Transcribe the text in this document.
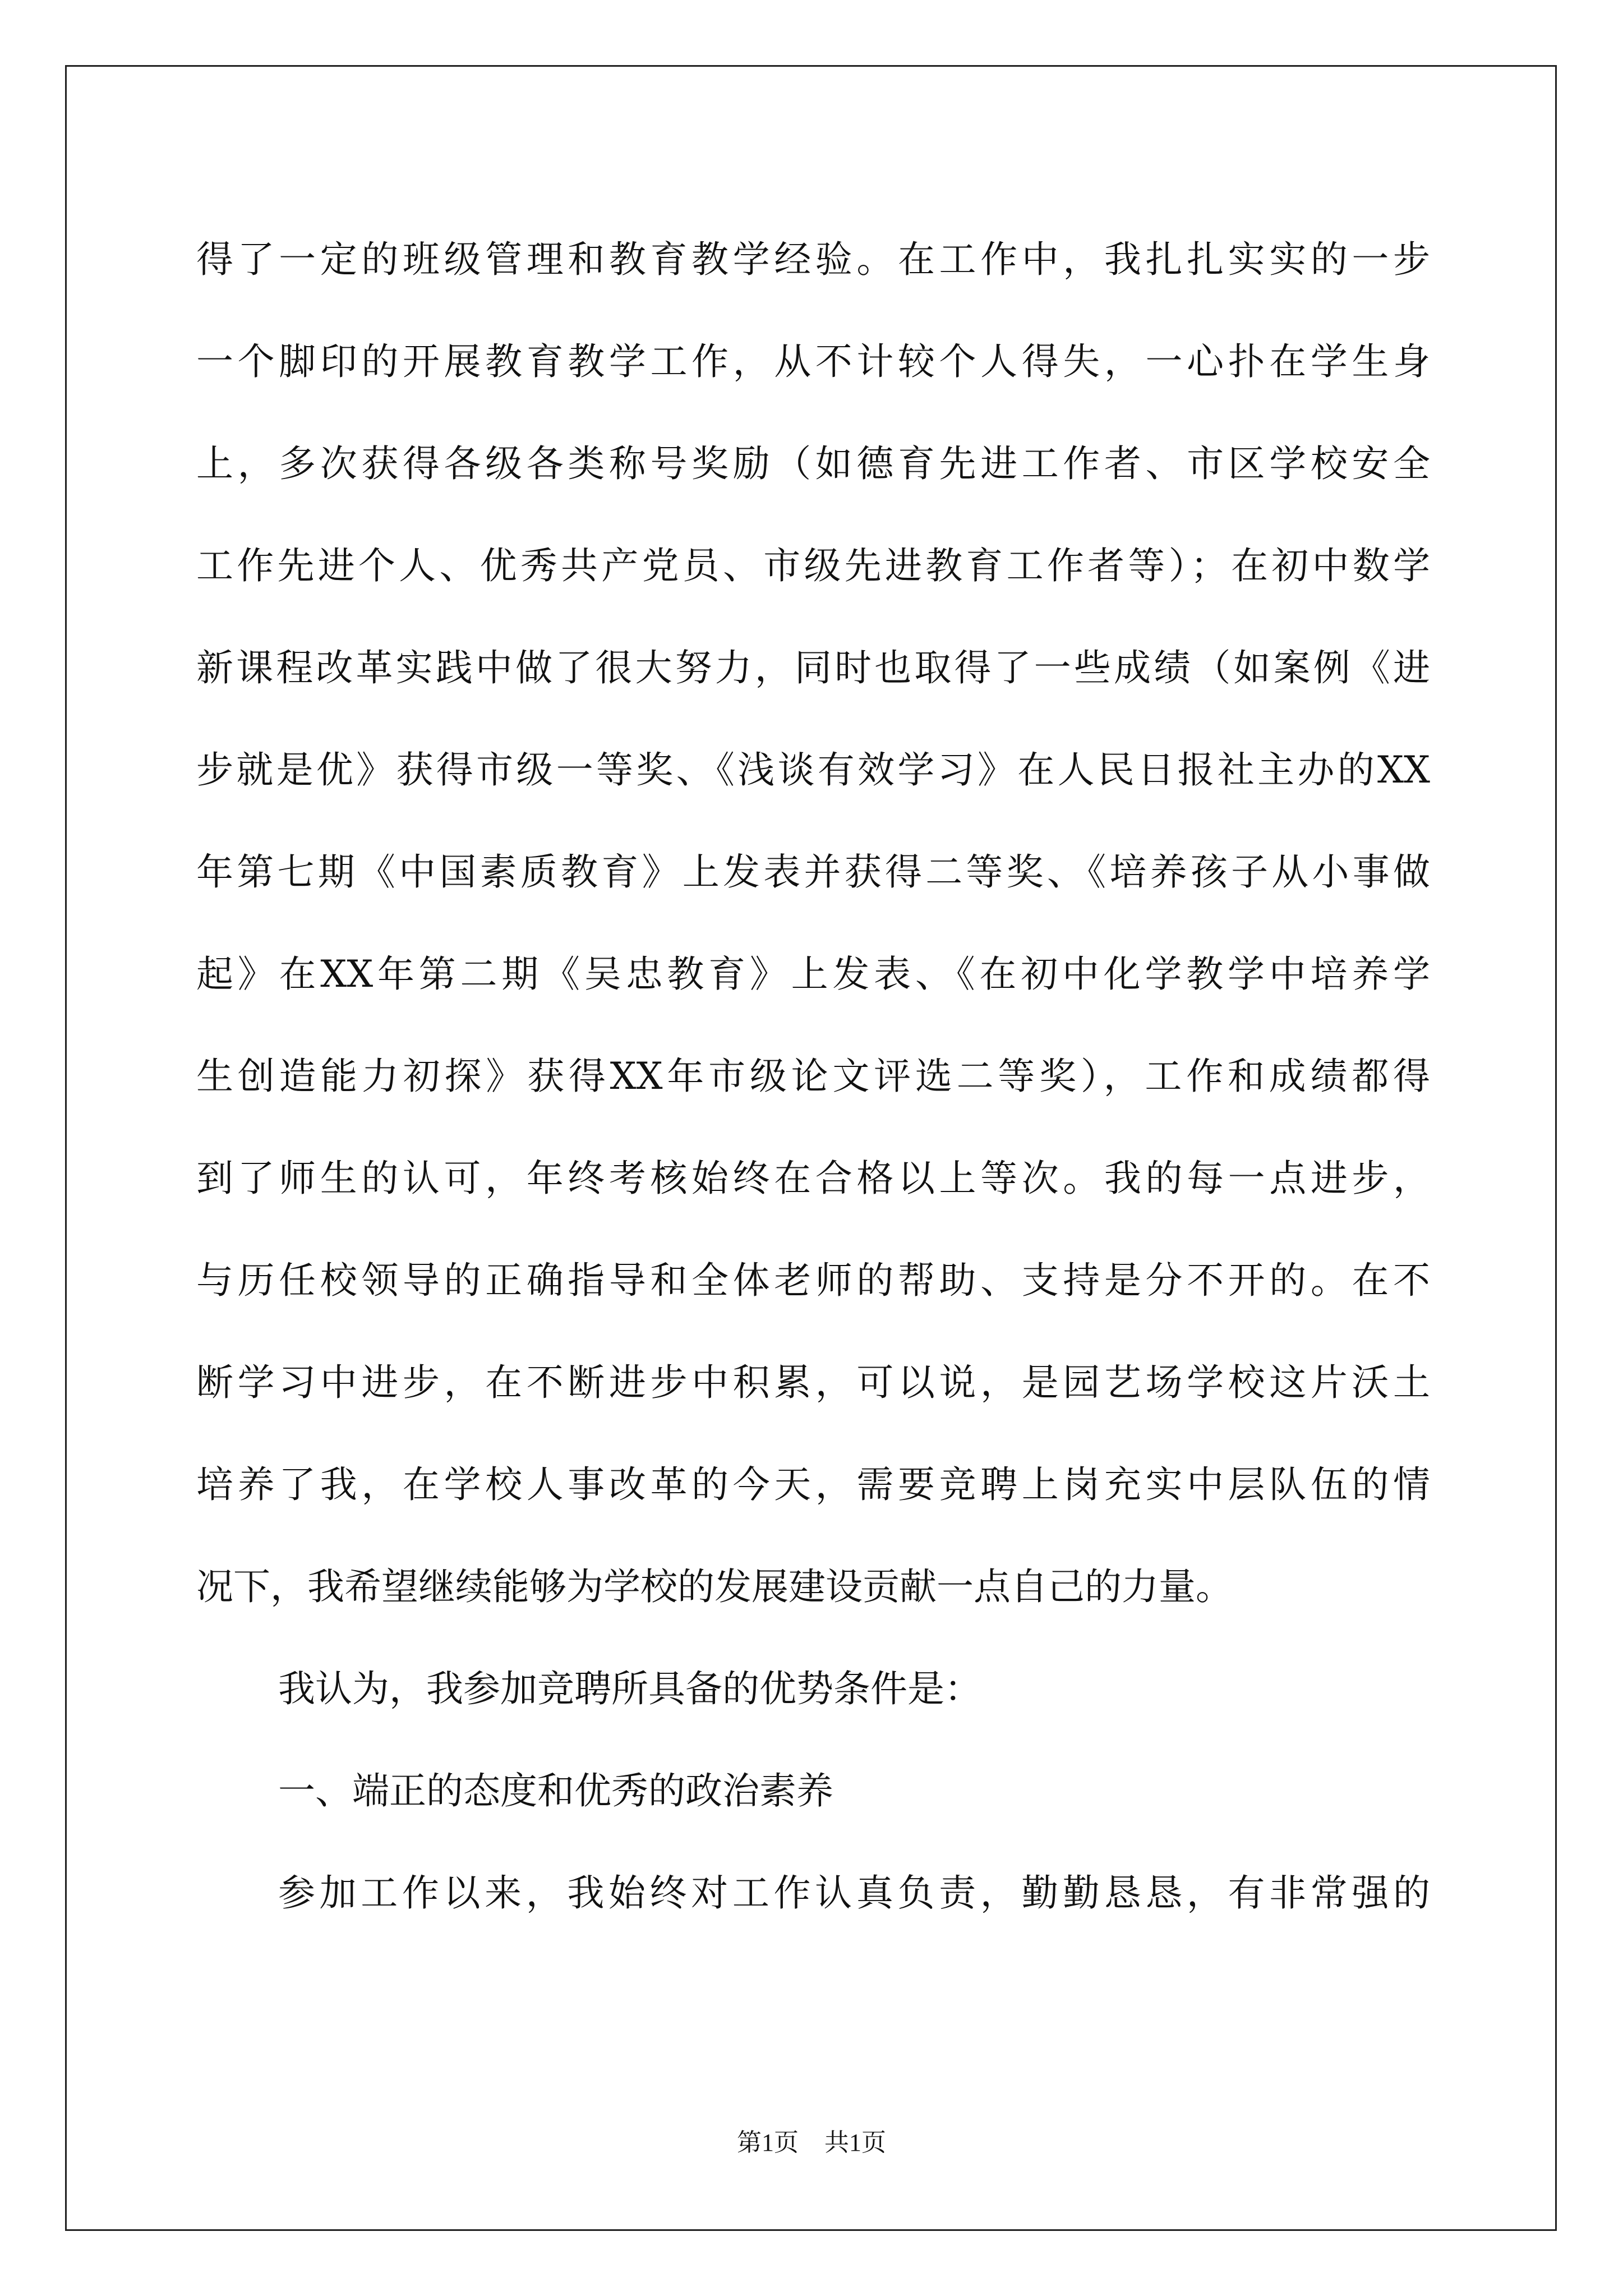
得了一定的班级管理和教育教学经验。在工作中，我扎扎实实的一步
一个脚印的开展教育教学工作，从不计较个人得失，一心扑在学生身
上，多次获得各级各类称号奖励（如德育先进工作者、市区学校安全
工作先进个人、优秀共产党员、市级先进教育工作者等）；在初中数学
新课程改革实践中做了很大努力，同时也取得了一些成绩（如案例《进
步就是优》获得市级一等奖、《浅谈有效学习》在人民日报社主办的XX
年第七期《中国素质教育》上发表并获得二等奖、《培养孩子从小事做
起》在XX年第二期《吴忠教育》上发表、《在初中化学教学中培养学
生创造能力初探》获得XX年市级论文评选二等奖），工作和成绩都得
到了师生的认可，年终考核始终在合格以上等次。我的每一点进步，
与历任校领导的正确指导和全体老师的帮助、支持是分不开的。在不
断学习中进步，在不断进步中积累，可以说，是园艺场学校这片沃土
培养了我，在学校人事改革的今天，需要竞聘上岗充实中层队伍的情
况下，我希望继续能够为学校的发展建设贡献一点自己的力量。
我认为，我参加竞聘所具备的优势条件是：
一、端正的态度和优秀的政治素养
参加工作以来，我始终对工作认真负责，勤勤恳恳，有非常强的
第1页 共1页
